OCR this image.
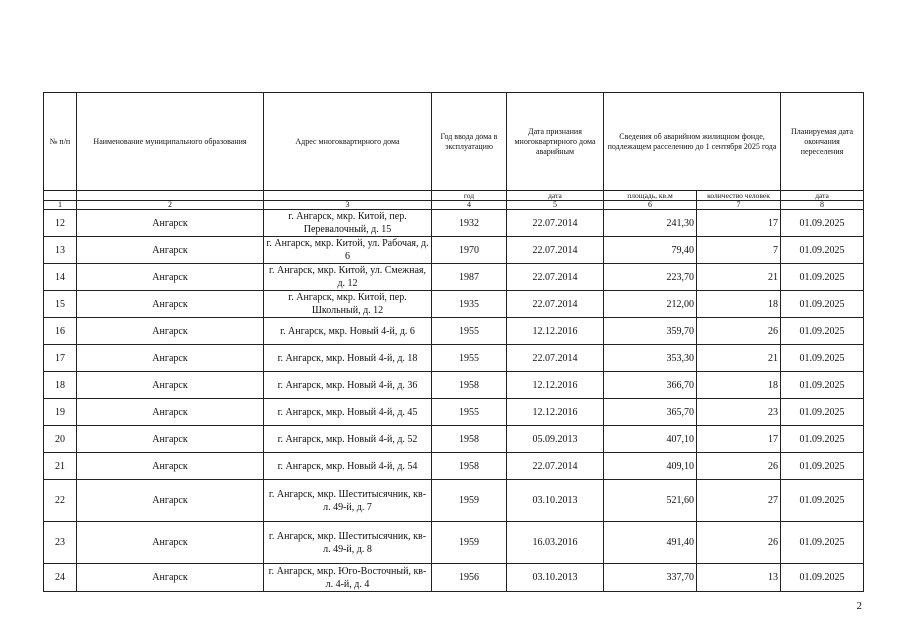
№ п/п	Наименование муниципального образования	Адрес многоквартирного дома	Год ввода дома в эксплуатацию	Дата признания многоквартирного дома аварийным	Сведения об аварийном жилищном фонде, подлежащем расселению до 1 сентября 2025 года		Планируемая дата окончания переселения
			год	дата	площадь, кв.м	количество человек	дата
1	2	3	4	5	6	7	8
12	Ангарск	г. Ангарск, мкр. Китой, пер. Перевалочный, д. 15	1932	22.07.2014	241,30	17	01.09.2025
13	Ангарск	г. Ангарск, мкр. Китой, ул. Рабочая, д. 6	1970	22.07.2014	79,40	7	01.09.2025
14	Ангарск	г. Ангарск, мкр. Китой, ул. Смежная, д. 12	1987	22.07.2014	223,70	21	01.09.2025
15	Ангарск	г. Ангарск, мкр. Китой, пер. Школьный, д. 12	1935	22.07.2014	212,00	18	01.09.2025
16	Ангарск	г. Ангарск, мкр. Новый 4-й, д. 6	1955	12.12.2016	359,70	26	01.09.2025
17	Ангарск	г. Ангарск, мкр. Новый 4-й, д. 18	1955	22.07.2014	353,30	21	01.09.2025
18	Ангарск	г. Ангарск, мкр. Новый 4-й, д. 36	1958	12.12.2016	366,70	18	01.09.2025
19	Ангарск	г. Ангарск, мкр. Новый 4-й, д. 45	1955	12.12.2016	365,70	23	01.09.2025
20	Ангарск	г. Ангарск, мкр. Новый 4-й, д. 52	1958	05.09.2013	407,10	17	01.09.2025
21	Ангарск	г. Ангарск, мкр. Новый 4-й, д. 54	1958	22.07.2014	409,10	26	01.09.2025
22	Ангарск	г. Ангарск, мкр. Шеститысячник, кв-л. 49-й, д. 7	1959	03.10.2013	521,60	27	01.09.2025
23	Ангарск	г. Ангарск, мкр. Шеститысячник, кв-л. 49-й, д. 8	1959	16.03.2016	491,40	26	01.09.2025
24	Ангарск	г. Ангарск, мкр. Юго-Восточный, кв-л. 4-й, д. 4	1956	03.10.2013	337,70	13	01.09.2025
2
